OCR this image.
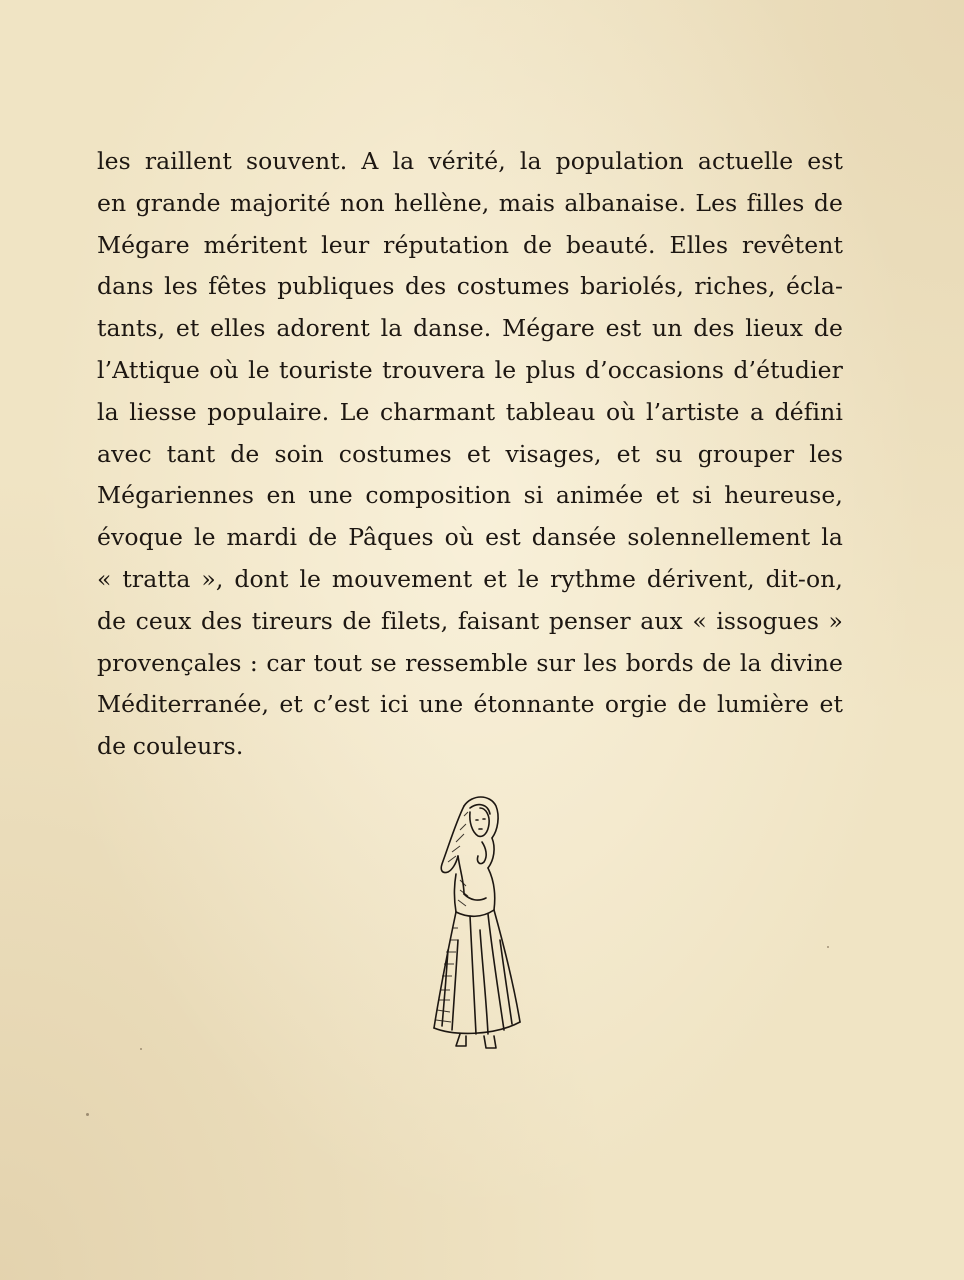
les raillent souvent. A la vérité, la population actuelle est
en grande majorité non hellène, mais albanaise. Les filles de
Mégare méritent leur réputation de beauté. Elles revêtent
dans les fêtes publiques des costumes bariolés, riches, écla-
tants, et elles adorent la danse. Mégare est un des lieux de
l’Attique où le touriste trouvera le plus d’occasions d’étudier
la liesse populaire. Le charmant tableau où l’artiste a défini
avec tant de soin costumes et visages, et su grouper les
Mégariennes en une composition si animée et si heureuse,
évoque le mardi de Pâques où est dansée solennellement la
« tratta », dont le mouvement et le rythme dérivent, dit-on,
de ceux des tireurs de filets, faisant penser aux « issogues »
provençales : car tout se ressemble sur les bords de la divine
Méditerranée, et c’est ici une étonnante orgie de lumière et
de couleurs.
